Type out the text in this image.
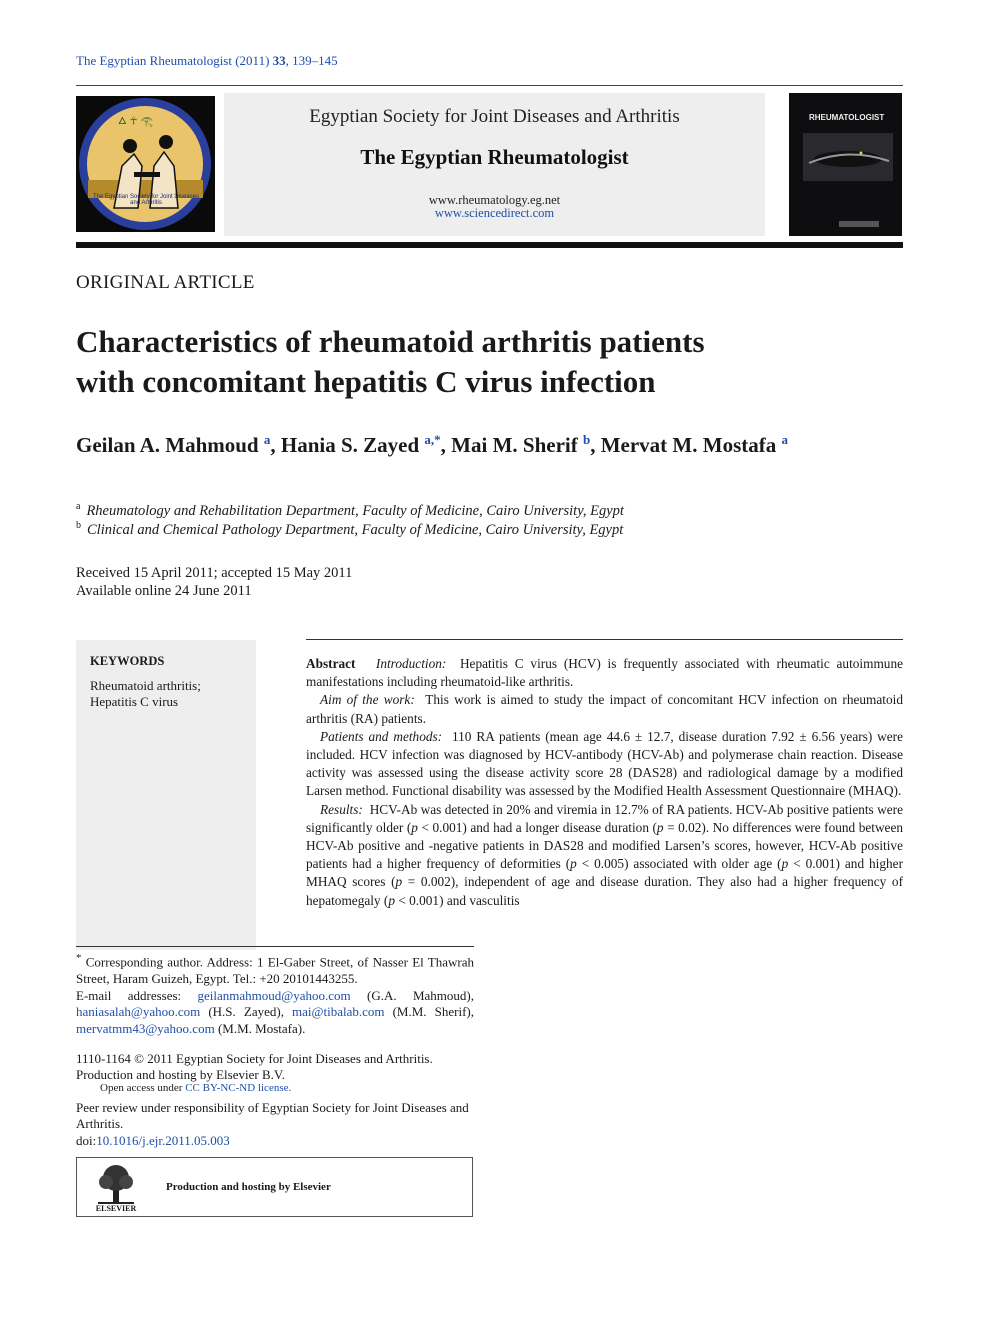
The Egyptian Rheumatologist (2011) 33, 139–145
🜂 ☥ 𓂀
The Egyptian Society for Joint Diseases and Arthritis
Egyptian Society for Joint Diseases and Arthritis
The Egyptian Rheumatologist
www.rheumatology.eg.net
www.sciencedirect.com
RHEUMATOLOGIST
ORIGINAL ARTICLE
Characteristics of rheumatoid arthritis patients
with concomitant hepatitis C virus infection
Geilan A. Mahmoud $^a$, Hania S. Zayed $^{a,*}$, Mai M. Sherif $^b$, Mervat M. Mostafa $^a$
$^a$ Rheumatology and Rehabilitation Department, Faculty of Medicine, Cairo University, Egypt
$^b$ Clinical and Chemical Pathology Department, Faculty of Medicine, Cairo University, Egypt
Received 15 April 2011; accepted 15 May 2011
Available online 24 June 2011
KEYWORDS
Rheumatoid arthritis;
Hepatitis C virus

Abstract Introduction: Hepatitis C virus (HCV) is frequently associated with rheumatic autoimmune manifestations including rheumatoid-like arthritis.

Aim of the work: This work is aimed to study the impact of concomitant HCV infection on rheumatoid arthritis (RA) patients.

Patients and methods: 110 RA patients (mean age 44.6 ± 12.7, disease duration 7.92 ± 6.56 years) were included. HCV infection was diagnosed by HCV-antibody (HCV-Ab) and polymerase chain reaction. Disease activity was assessed using the disease activity score 28 (DAS28) and radiological damage by a modified Larsen method. Functional disability was assessed by the Modified Health Assessment Questionnaire (MHAQ).

Results: HCV-Ab was detected in 20% and viremia in 12.7% of RA patients. HCV-Ab positive patients were significantly older (p < 0.001) and had a longer disease duration (p = 0.02). No differences were found between HCV-Ab positive and -negative patients in DAS28 and modified Larsen’s scores, however, HCV-Ab positive patients had a higher frequency of deformities (p < 0.005) associated with older age (p < 0.001) and higher MHAQ scores (p = 0.002), independent of age and disease duration. They also had a higher frequency of hepatomegaly (p < 0.001) and vasculitis

* Corresponding author. Address: 1 El-Gaber Street, of Nasser El Thawrah Street, Haram Guizeh, Egypt. Tel.: +20 20101443255.

E-mail addresses: geilanmahmoud@yahoo.com (G.A. Mahmoud), haniasalah@yahoo.com (H.S. Zayed), mai@tibalab.com (M.M. Sherif), mervatmm43@yahoo.com (M.M. Mostafa).

1110-1164 © 2011 Egyptian Society for Joint Diseases and Arthritis.

Production and hosting by Elsevier B.V.

Open access under CC BY-NC-ND license.

Peer review under responsibility of Egyptian Society for Joint Diseases and Arthritis.

doi:10.1016/j.ejr.2011.05.003

ELSEVIER
Production and hosting by Elsevier
